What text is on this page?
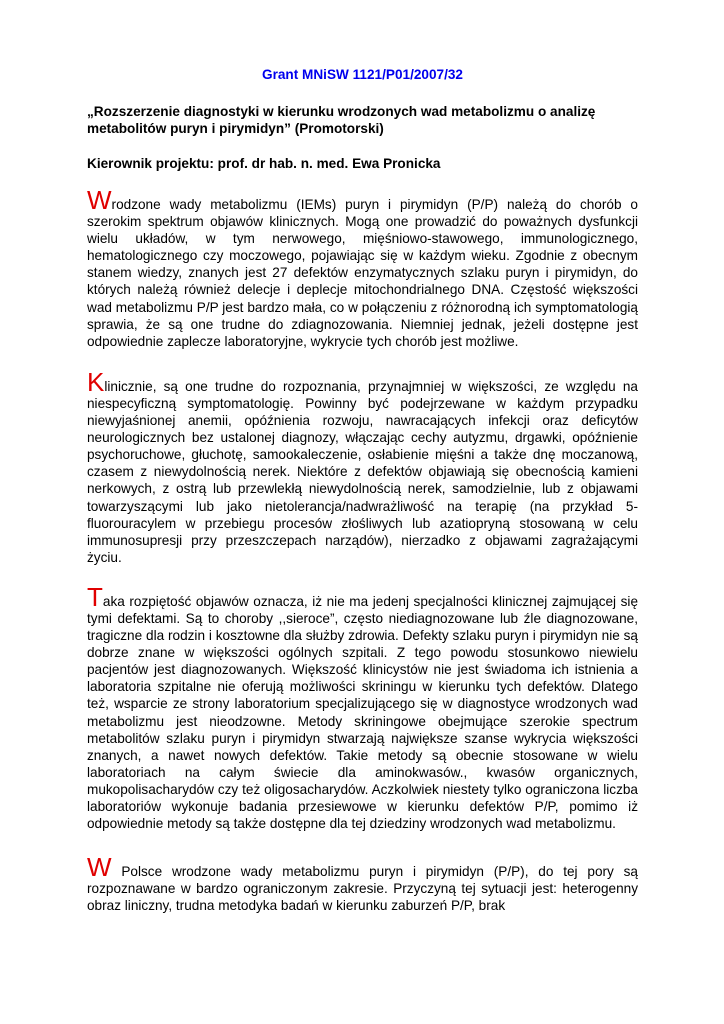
Grant MNiSW 1121/P01/2007/32

„Rozszerzenie diagnostyki w kierunku wrodzonych wad metabolizmu o analizę metabolitów puryn i pirymidyn” (Promotorski)

Kierownik projektu: prof. dr hab. n. med. Ewa Pronicka

Wrodzone wady metabolizmu (IEMs) puryn i pirymidyn (P/P) należą do chorób o szerokim spektrum objawów klinicznych. Mogą one prowadzić do poważnych dysfunkcji wielu układów, w tym nerwowego, mięśniowo-stawowego, immunologicznego, hematologicznego czy moczowego, pojawiając się w każdym wieku. Zgodnie z obecnym stanem wiedzy, znanych jest 27 defektów enzymatycznych szlaku puryn i pirymidyn, do których należą również delecje i deplecje mitochondrialnego DNA. Częstość większości wad metabolizmu P/P jest bardzo mała, co w połączeniu z różnorodną ich symptomatologią sprawia, że są one trudne do zdiagnozowania. Niemniej jednak, jeżeli dostępne jest odpowiednie zaplecze laboratoryjne, wykrycie tych chorób jest możliwe.

Klinicznie, są one trudne do rozpoznania, przynajmniej w większości, ze względu na niespecyficzną symptomatologię. Powinny być podejrzewane w każdym przypadku niewyjaśnionej anemii, opóźnienia rozwoju, nawracających infekcji oraz deficytów neurologicznych bez ustalonej diagnozy, włączając cechy autyzmu, drgawki, opóźnienie psychoruchowe, głuchotę, samookaleczenie, osłabienie mięśni a także dnę moczanową, czasem z niewydolnością nerek. Niektóre z defektów objawiają się obecnością kamieni nerkowych, z ostrą lub przewlekłą niewydolnością nerek, samodzielnie, lub z objawami towarzyszącymi lub jako nietolerancja/nadwrażliwość na terapię (na przykład 5-fluorouracylem w przebiegu procesów złośliwych lub azatiopryną stosowaną w celu immunosupresji przy przeszczepach narządów), nierzadko z objawami zagrażającymi życiu.

Taka rozpiętość objawów oznacza, iż nie ma jedenj specjalności klinicznej zajmującej się tymi defektami. Są to choroby ,,sieroce”, często niediagnozowane lub źle diagnozowane, tragiczne dla rodzin i kosztowne dla służby zdrowia. Defekty szlaku puryn i pirymidyn nie są dobrze znane w większości ogólnych szpitali. Z tego powodu stosunkowo niewielu pacjentów jest diagnozowanych. Większość klinicystów nie jest świadoma ich istnienia a laboratoria szpitalne nie oferują możliwości skriningu w kierunku tych defektów. Dlatego też, wsparcie ze strony laboratorium specjalizującego się w diagnostyce wrodzonych wad metabolizmu jest nieodzowne. Metody skriningowe obejmujące szerokie spectrum metabolitów szlaku puryn i pirymidyn stwarzają największe szanse wykrycia większości znanych, a nawet nowych defektów. Takie metody są obecnie stosowane w wielu laboratoriach na całym świecie dla aminokwasów., kwasów organicznych, mukopolisacharydów czy też oligosacharydów. Aczkolwiek niestety tylko ograniczona liczba laboratoriów wykonuje badania przesiewowe w kierunku defektów P/P, pomimo iż odpowiednie metody są także dostępne dla tej dziedziny wrodzonych wad metabolizmu.

W Polsce wrodzone wady metabolizmu puryn i pirymidyn (P/P), do tej pory są rozpoznawane w bardzo ograniczonym zakresie. Przyczyną tej sytuacji jest: heterogenny obraz liniczny, trudna metodyka badań w kierunku zaburzeń P/P, brak
